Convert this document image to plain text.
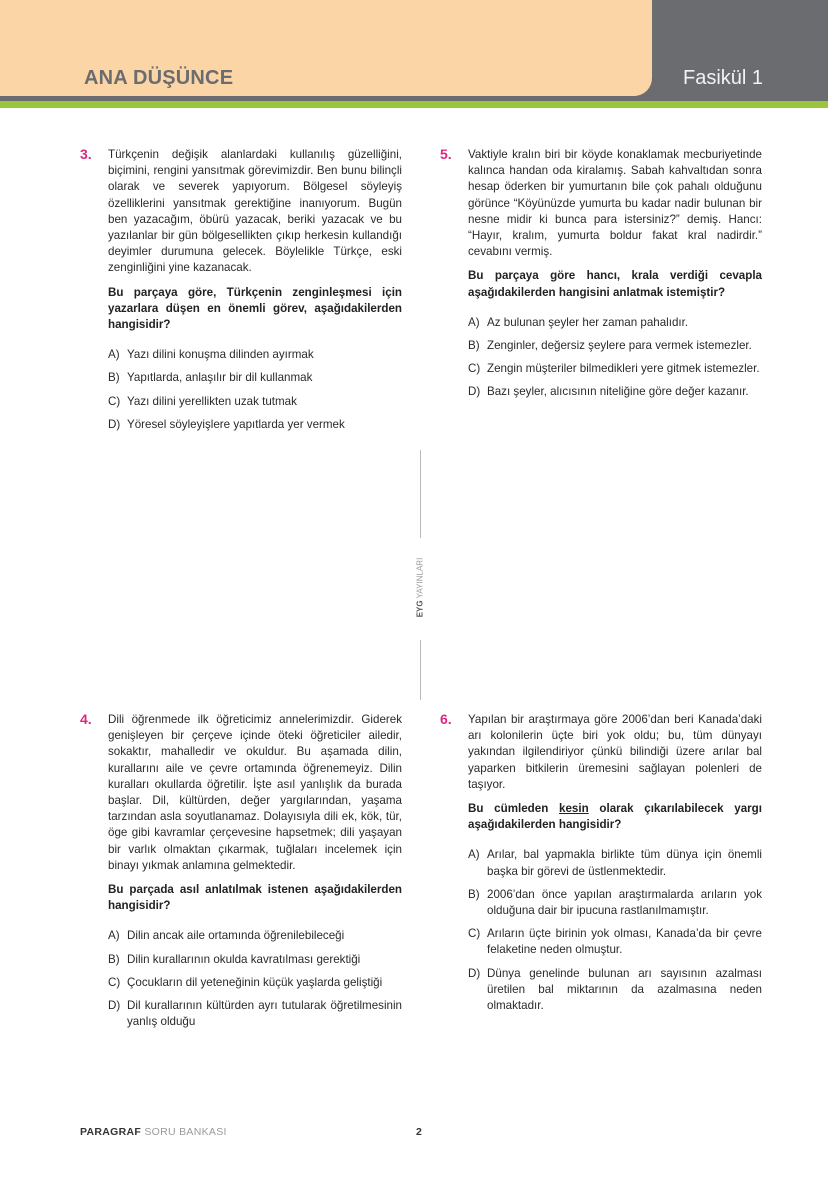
ANA DÜŞÜNCE	Fasikül 1
3. Türkçenin değişik alanlardaki kullanılış güzelliğini, biçimini, rengini yansıtmak görevimizdir. Ben bunu bilinçli olarak ve severek yapıyorum. Bölgesel söyleyiş özelliklerini yansıtmak gerektiğine inanıyorum. Bugün ben yazacağım, öbürü yazacak, beriki yazacak ve bu yazılanlar bir gün bölgesellikten çıkıp herkesin kullandığı deyimler durumuna gelecek. Böylelikle Türkçe, eski zenginliğini yine kazanacak.

Bu parçaya göre, Türkçenin zenginleşmesi için yazarlara düşen en önemli görev, aşağıdakilerden hangisidir?

A) Yazı dilini konuşma dilinden ayırmak
B) Yapıtlarda, anlaşılır bir dil kullanmak
C) Yazı dilini yerellikten uzak tutmak
D) Yöresel söyleyişlere yapıtlarda yer vermek
5. Vaktiyle kralın biri bir köyde konaklamak mecburiyetinde kalınca handan oda kiralamış. Sabah kahvaltıdan sonra hesap öderken bir yumurtanın bile çok pahalı olduğunu görünce “Köyünüzde yumurta bu kadar nadir bulunan bir nesne midir ki bunca para istersiniz?” demiş. Hancı: “Hayır, kralım, yumurta boldur fakat kral nadirdir.” cevabını vermiş.

Bu parçaya göre hancı, krala verdiği cevapla aşağıdakilerden hangisini anlatmak istemiştir?

A) Az bulunan şeyler her zaman pahalıdır.
B) Zenginler, değersiz şeylere para vermek istemezler.
C) Zengin müşteriler bilmedikleri yere gitmek istemezler.
D) Bazı şeyler, alıcısının niteliğine göre değer kazanır.
EYG YAYINLARI
4. Dili öğrenmede ilk öğreticimiz annelerimizdir. Giderek genişleyen bir çerçeve içinde öteki öğreticiler ailedir, sokaktır, mahalledir ve okuldur. Bu aşamada dilin, kurallarını aile ve çevre ortamında öğrenemeyiz. Dilin kuralları okullarda öğretilir. İşte asıl yanlışlık da burada başlar. Dil, kültürden, değer yargılarından, yaşama tarzından asla soyutlanamaz. Dolayısıyla dili ek, kök, tür, öge gibi kavramlar çerçevesine hapsetmek; dili yaşayan bir varlık olmaktan çıkarmak, tuğlaları incelemek için binayı yıkmak anlamına gelmektedir.

Bu parçada asıl anlatılmak istenen aşağıdakilerden hangisidir?

A) Dilin ancak aile ortamında öğrenilebileceği
B) Dilin kurallarının okulda kavratılması gerektiği
C) Çocukların dil yeteneğinin küçük yaşlarda geliştiği
D) Dil kurallarının kültürden ayrı tutularak öğretilmesinin yanlış olduğu
6. Yapılan bir araştırmaya göre 2006’dan beri Kanada’daki arı kolonilerin üçte biri yok oldu; bu, tüm dünyayı yakından ilgilendiriyor çünkü bilindiği üzere arılar bal yaparken bitkilerin üremesini sağlayan polenleri de taşıyor.

Bu cümleden kesin olarak çıkarılabilecek yargı aşağıdakilerden hangisidir?

A) Arılar, bal yapmakla birlikte tüm dünya için önemli başka bir görevi de üstlenmektedir.
B) 2006’dan önce yapılan araştırmalarda arıların yok olduğuna dair bir ipucuna rastlanılmamıştır.
C) Arıların üçte birinin yok olması, Kanada’da bir çevre felaketine neden olmuştur.
D) Dünya genelinde bulunan arı sayısının azalması üretilen bal miktarının da azalmasına neden olmaktadır.
PARAGRAF SORU BANKASI	2
